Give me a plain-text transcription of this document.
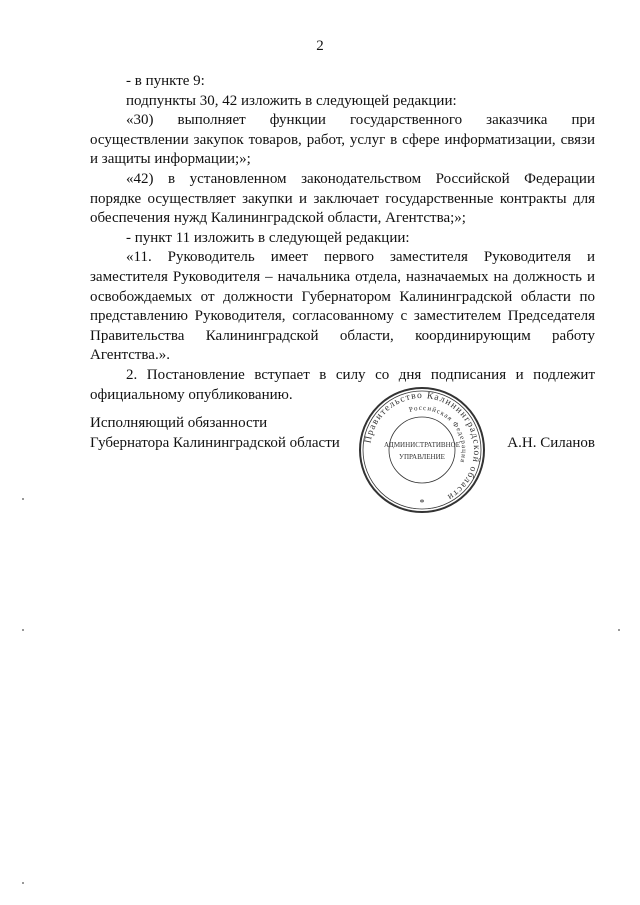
2

- в пункте 9:

подпункты 30, 42 изложить в следующей редакции:

«30) выполняет функции государственного заказчика при осуществлении закупок товаров, работ, услуг в сфере информатизации, связи и защиты информации;»;

«42) в установленном законодательством Российской Федерации порядке осуществляет закупки и заключает государственные контракты для обеспечения нужд Калининградской области, Агентства;»;

- пункт 11 изложить в следующей редакции:

«11. Руководитель имеет первого заместителя Руководителя и заместителя Руководителя – начальника отдела, назначаемых на должность и освобождаемых от должности Губернатором Калининградской области по представлению Руководителя, согласованному с заместителем Председателя Правительства Калининградской области, координирующим работу Агентства.».

2. Постановление вступает в силу со дня подписания и подлежит официальному опубликованию.

Исполняющий обязанности
Губернатора Калининградской области Правительство Калининградской области
Российская Федерация
АДМИНИСТРАТИВНОЕ
УПРАВЛЕНИЕ
*
А.Н. Силанов
